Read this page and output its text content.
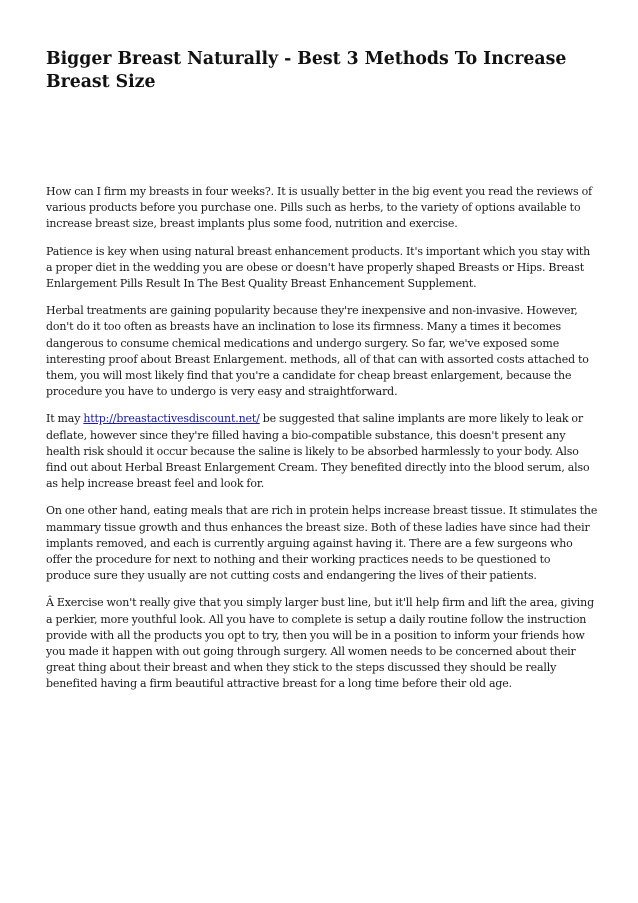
Bigger Breast Naturally - Best 3 Methods To Increase Breast Size

How can I firm my breasts in four weeks?. It is usually better in the big event you read the reviews of various products before you purchase one. Pills such as herbs, to the variety of options available to increase breast size, breast implants plus some food, nutrition and exercise.

Patience is key when using natural breast enhancement products. It's important which you stay with a proper diet in the wedding you are obese or doesn't have properly shaped Breasts or Hips. Breast Enlargement Pills Result In The Best Quality Breast Enhancement Supplement.

Herbal treatments are gaining popularity because they're inexpensive and non-invasive. However, don't do it too often as breasts have an inclination to lose its firmness. Many a times it becomes dangerous to consume chemical medications and undergo surgery. So far, we've exposed some interesting proof about Breast Enlargement. methods, all of that can with assorted costs attached to them, you will most likely find that you're a candidate for cheap breast enlargement, because the procedure you have to undergo is very easy and straightforward.

It may http://breastactivesdiscount.net/ be suggested that saline implants are more likely to leak or deflate, however since they're filled having a bio-compatible substance, this doesn't present any health risk should it occur because the saline is likely to be absorbed harmlessly to your body. Also find out about Herbal Breast Enlargement Cream. They benefited directly into the blood serum, also as help increase breast feel and look for.

On one other hand, eating meals that are rich in protein helps increase breast tissue. It stimulates the mammary tissue growth and thus enhances the breast size. Both of these ladies have since had their implants removed, and each is currently arguing against having it. There are a few surgeons who offer the procedure for next to nothing and their working practices needs to be questioned to produce sure they usually are not cutting costs and endangering the lives of their patients.

Â Exercise won't really give that you simply larger bust line, but it'll help firm and lift the area, giving a perkier, more youthful look. All you have to complete is setup a daily routine follow the instruction provide with all the products you opt to try, then you will be in a position to inform your friends how you made it happen with out going through surgery. All women needs to be concerned about their great thing about their breast and when they stick to the steps discussed they should be really benefited having a firm beautiful attractive breast for a long time before their old age.
